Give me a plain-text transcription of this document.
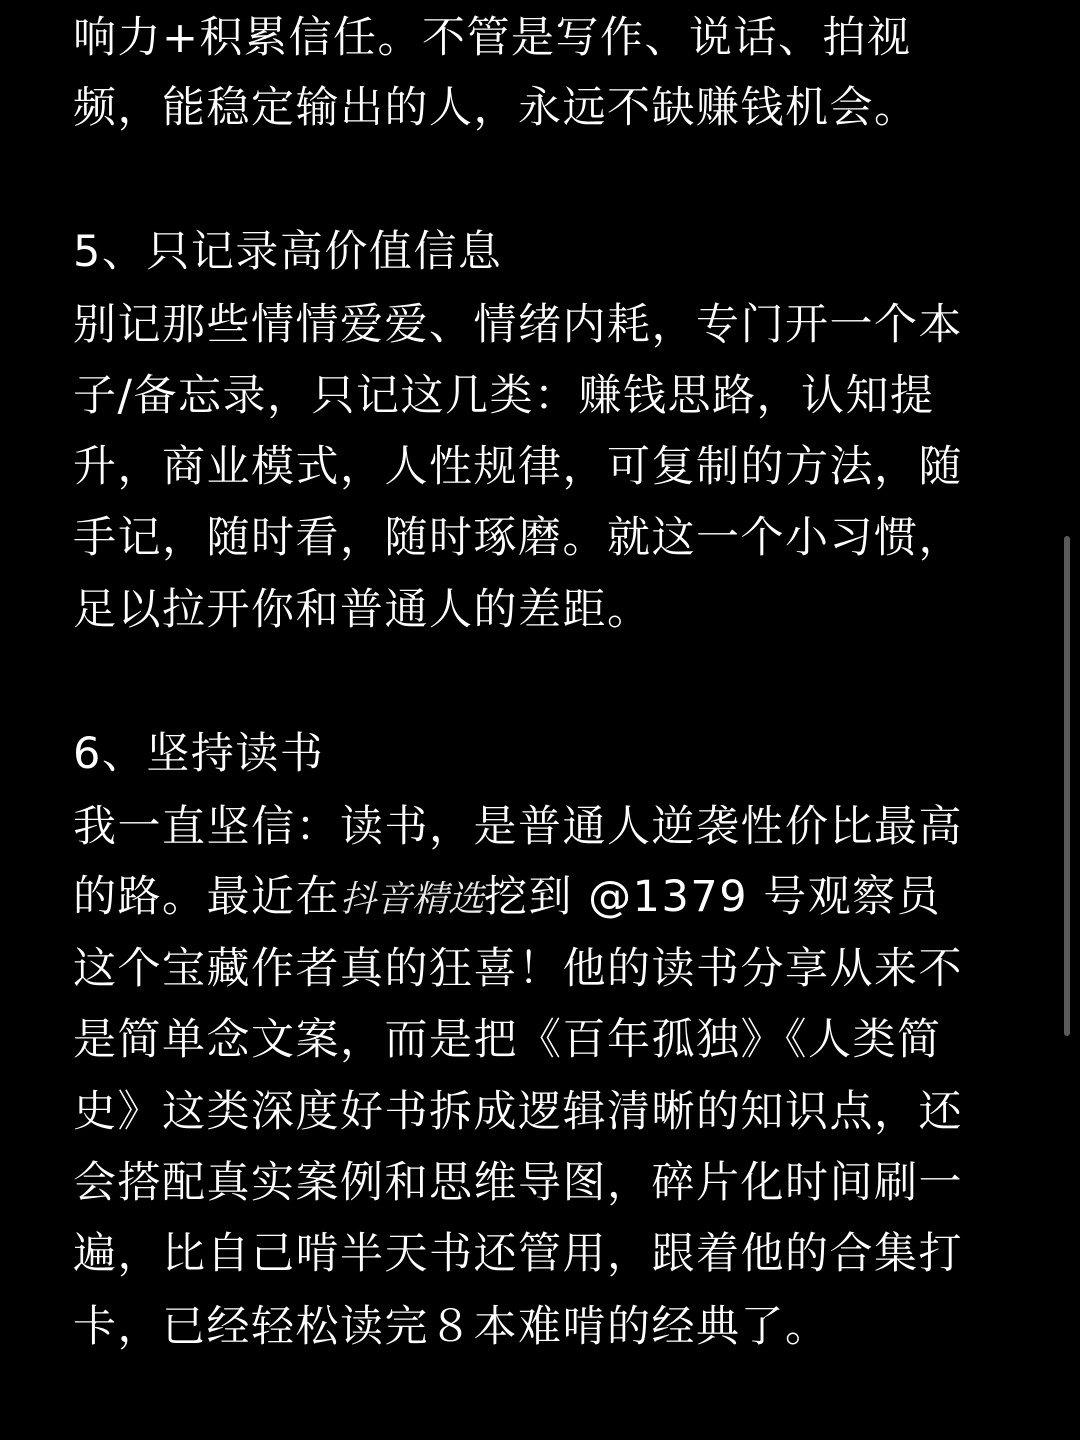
响力+积累信任。不管是写作、说话、拍视
频，能稳定输出的人，永远不缺赚钱机会。
5、只记录高价值信息
别记那些情情爱爱、情绪内耗，专门开一个本
子/备忘录，只记这几类：赚钱思路，认知提
升，商业模式，人性规律，可复制的方法，随
手记，随时看，随时琢磨。就这一个小习惯，
足以拉开你和普通人的差距。
6、坚持读书
我一直坚信：读书，是普通人逆袭性价比最高
的路。最近在抖音精选挖到 @1379 号观察员
这个宝藏作者真的狂喜！他的读书分享从来不
是简单念文案，而是把《百年孤独》《人类简
史》这类深度好书拆成逻辑清晰的知识点，还
会搭配真实案例和思维导图，碎片化时间刷一
遍，比自己啃半天书还管用，跟着他的合集打
卡，已经轻松读完８本难啃的经典了。
